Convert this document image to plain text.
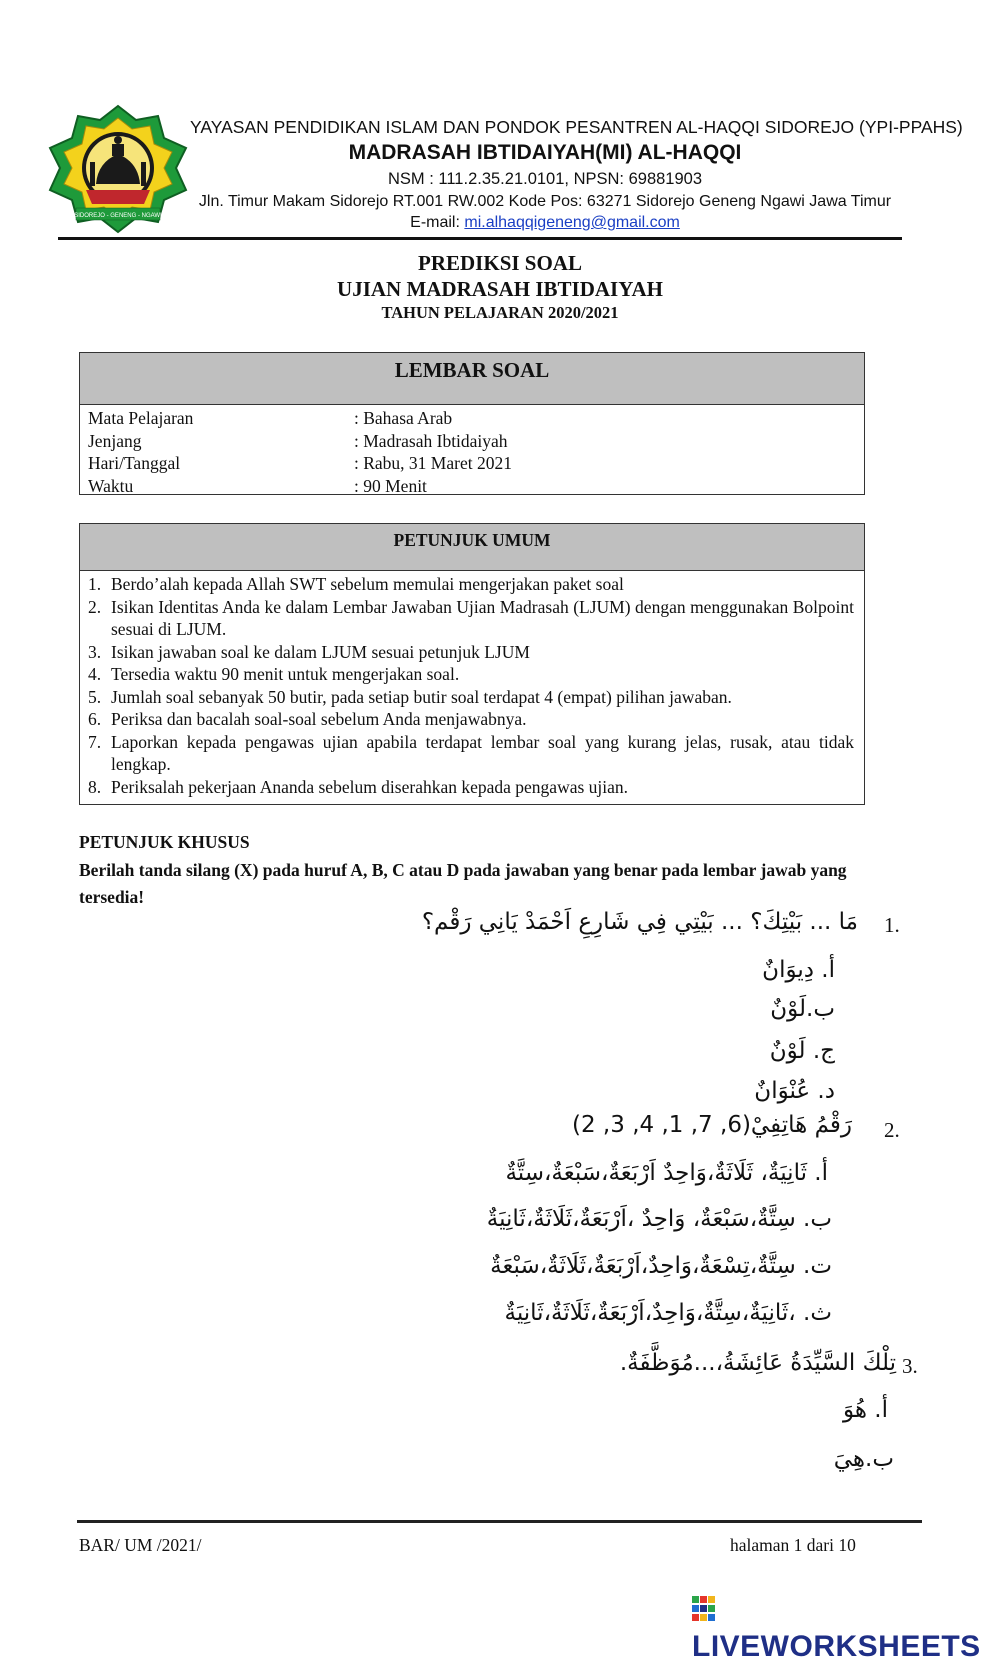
SIDOREJO - GENENG - NGAWI
YAYASAN PENDIDIKAN ISLAM DAN PONDOK PESANTREN AL-HAQQI SIDOREJO (YPI-PPAHS)
MADRASAH IBTIDAIYAH(MI) AL-HAQQI
NSM : 111.2.35.21.0101, NPSN: 69881903
Jln. Timur Makam Sidorejo RT.001 RW.002 Kode Pos: 63271 Sidorejo Geneng Ngawi Jawa Timur
E-mail: mi.alhaqqigeneng@gmail.com
PREDIKSI SOAL
UJIAN MADRASAH IBTIDAIYAH
TAHUN PELAJARAN 2020/2021
LEMBAR SOAL
Mata Pelajaran	: Bahasa Arab
Jenjang	: Madrasah Ibtidaiyah
Hari/Tanggal	: Rabu, 31 Maret 2021
Waktu	: 90 Menit
PETUNJUK UMUM
1. Berdo’alah kepada Allah SWT sebelum memulai mengerjakan paket soal
2. Isikan Identitas Anda ke dalam Lembar Jawaban Ujian Madrasah (LJUM) dengan menggunakan Bolpoint sesuai di LJUM.
3. Isikan jawaban soal ke dalam LJUM sesuai petunjuk LJUM
4. Tersedia waktu 90 menit untuk mengerjakan soal.
5. Jumlah soal sebanyak 50 butir, pada setiap butir soal terdapat 4 (empat) pilihan jawaban.
6. Periksa dan bacalah soal-soal sebelum Anda menjawabnya.
7. Laporkan kepada pengawas ujian apabila terdapat lembar soal yang kurang jelas, rusak, atau tidak lengkap.
8. Periksalah pekerjaan Ananda sebelum diserahkan kepada pengawas ujian.
PETUNJUK KHUSUS
Berilah tanda silang (X) pada huruf A, B, C atau D pada jawaban yang benar pada lembar jawab yang tersedia!
1.
مَا ... بَيْتِكَ؟ ... بَيْتِي فِي شَارِعِ اَحْمَدْ يَانِي رَقْم؟
أ. دِيوَانٌ
ب.لَوْنٌ
ج. لَوْنٌ
د. عُنْوَانٌ
2.
رَقْمُ هَاتِفِيْ(6, 7, 1, 4, 3, 2)
أ. ثَانِيَةٌ، ثَلَاثَةٌ،وَاحِدٌ اَرْبَعَةٌ،سَبْعَةٌ،سِتَّةٌ
ب. سِتَّةٌ،سَبْعَةٌ، وَاحِدٌ ،اَرْبَعَةٌ،ثَلَاثَةٌ،ثَانِيَةٌ
ت. سِتَّةٌ،تِسْعَةٌ،وَاحِدٌ،اَرْبَعَةٌ،ثَلَاثَةٌ،سَبْعَةٌ
ث. ،ثَانِيَةٌ،سِتَّةٌ،وَاحِدٌ،اَرْبَعَةٌ،ثَلَاثَةٌ،ثَانِيَةٌ
3.
تِلْكَ السَّيِّدَةُ عَائِشَةُ،...مُوَظَّفَةٌ.
أ. هُوَ
ب.هِيَ
BAR/ UM /2021/	halaman 1 dari 10
LIVEWORKSHEETS
